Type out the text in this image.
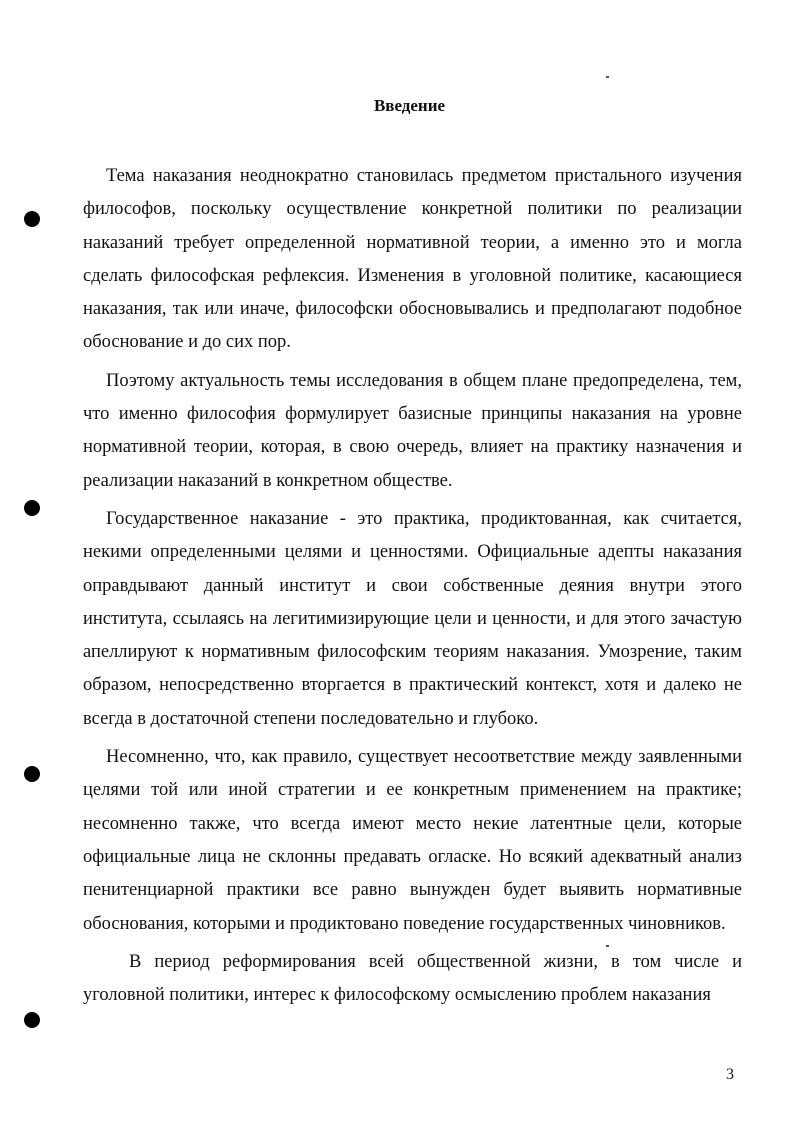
Введение

Тема наказания неоднократно становилась предметом пристального изучения философов, поскольку осуществление конкретной политики по реализации наказаний требует определенной нормативной теории, а именно это и могла сделать философская рефлексия. Изменения в уголовной политике, касающиеся наказания, так или иначе, философски обосновывались и предполагают подобное обоснование и до сих пор.

Поэтому актуальность темы исследования в общем плане предопределена, тем, что именно философия формулирует базисные принципы наказания на уровне нормативной теории, которая, в свою очередь, влияет на практику назначения и реализации наказаний в конкретном обществе.

Государственное наказание - это практика, продиктованная, как считается, некими определенными целями и ценностями. Официальные адепты наказания оправдывают данный институт и свои собственные деяния внутри этого института, ссылаясь на легитимизирующие цели и ценности, и для этого зачастую апеллируют к нормативным философским теориям наказания. Умозрение, таким образом, непосредственно вторгается в практический контекст, хотя и далеко не всегда в достаточной степени последовательно и глубоко.

Несомненно, что, как правило, существует несоответствие между заявленными целями той или иной стратегии и ее конкретным применением на практике; несомненно также, что всегда имеют место некие латентные цели, которые официальные лица не склонны предавать огласке. Но всякий адекватный анализ пенитенциарной практики все равно вынужден будет выявить нормативные обоснования, которыми и продиктовано поведение государственных чиновников.

В период реформирования всей общественной жизни, в том числе и уголовной политики, интерес к философскому осмыслению проблем наказания

3
